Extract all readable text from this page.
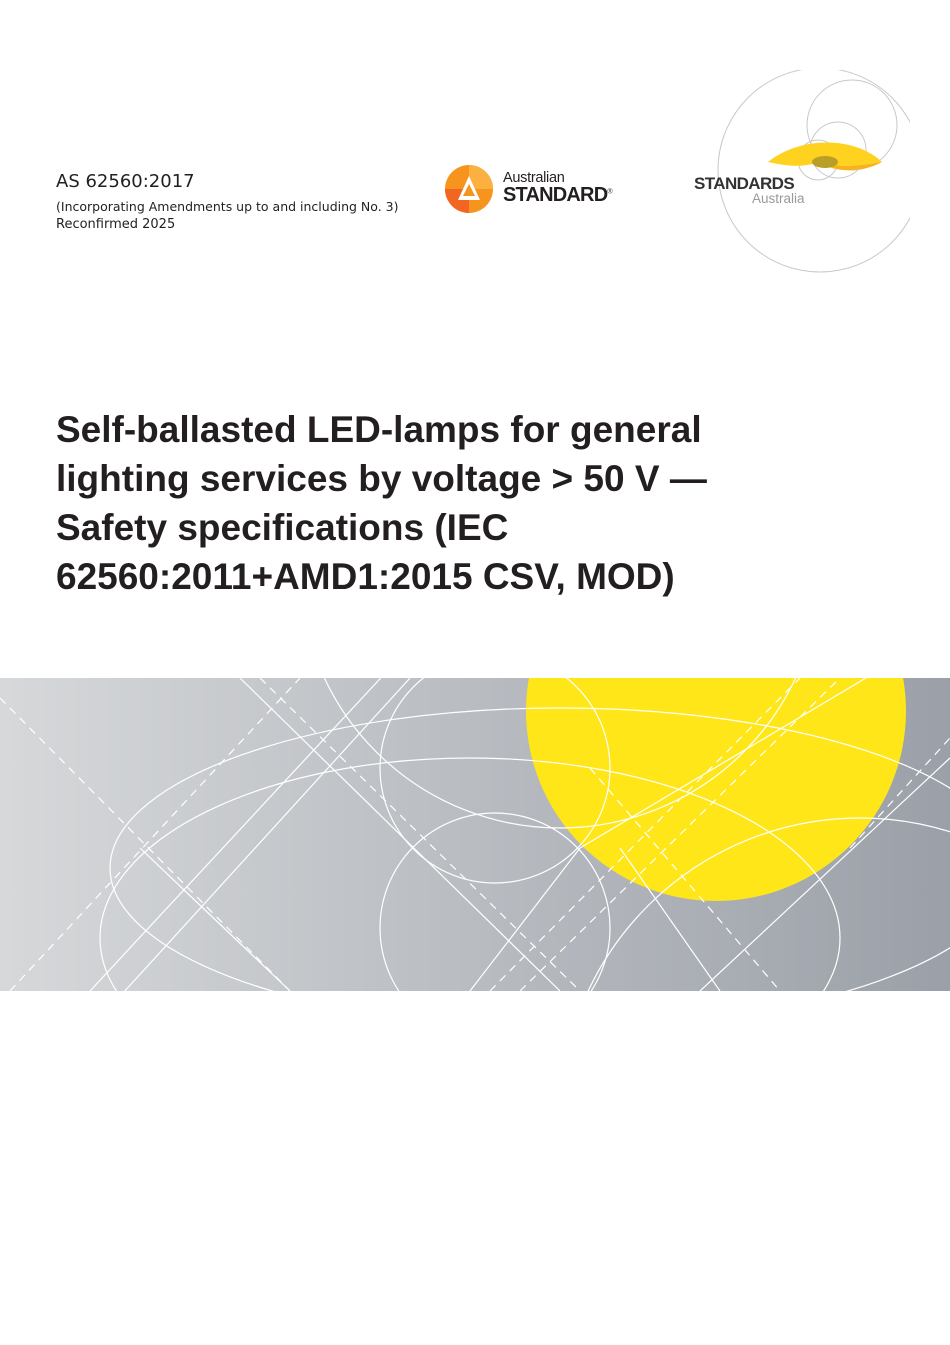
AS 62560:2017
(Incorporating Amendments up to and including No. 3)
Reconfirmed 2025
Australian
STANDARD®	STANDARDS
Australia
Self-ballasted LED-lamps for general lighting services by voltage > 50 V — Safety specifications (IEC 62560:2011+AMD1:2015 CSV, MOD)
